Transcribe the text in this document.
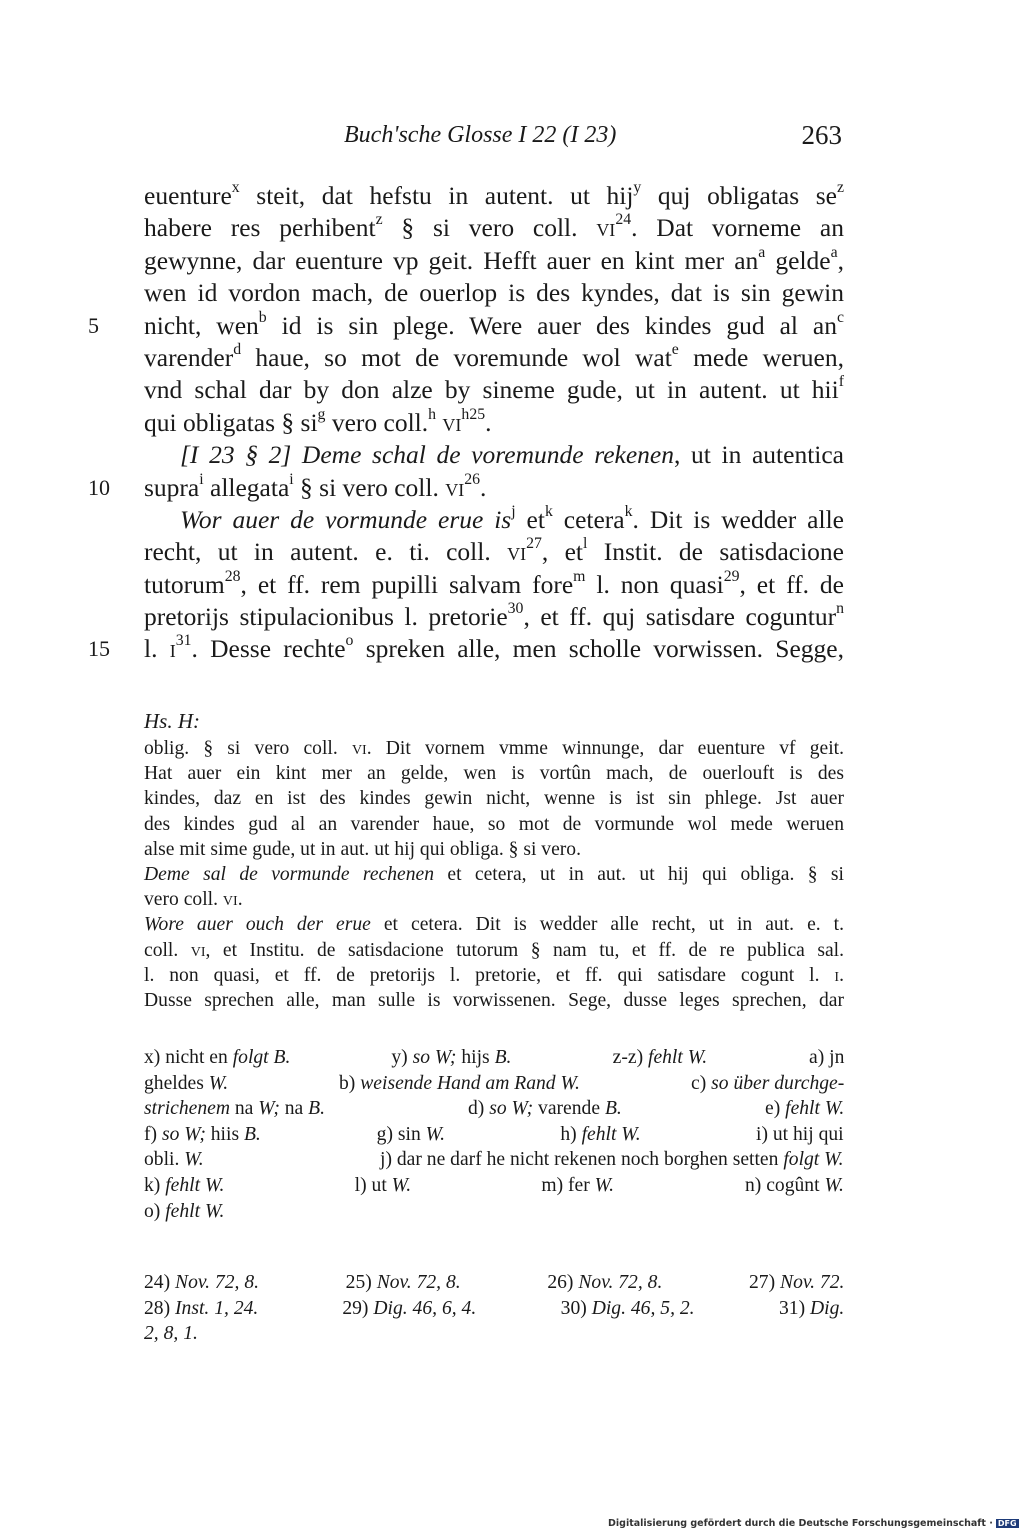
Buch'sche Glosse I 22 (I 23)	263
euenture$^x$ steit, dat hefstu in autent. ut hij$^y$ quj obligatas $se^z$
habere res perhibent$^z$ § si vero coll. $vi^{24}$. Dat vorneme an
gewynne, dar euenture vp geit. Hefft auer en kint mer $an^a$ gelde$^a$,
wen id vordon mach, de ouerlop is des kyndes, dat is sin gewin
5 nicht, wen$^b$ id is sin plege. Were auer des kindes gud al $an^c$
varender$^d$ haue, so mot de voremunde wol wat$^e$ mede weruen,
vnd schal dar by don alze by sineme gude, ut in autent. ut hii$^f$
qui obligatas § $si^g$ vero coll.$^h$ $vi^{h25}$.
[I 23 § 2] Deme schal de voremunde rekenen, ut in autentica
10 supra$^i$ allegata$^i$ § si vero coll. $vi^{26}$.
Wor auer de vormunde erue $is^j$ $et^k$ cetera$^k$. Dit is wedder alle
recht, ut in autent. e. ti. coll. $vi^{27}$, $et^l$ Instit. de satisdacione
tutorum$^{28}$, et ff. rem pupilli salvam fore$^m$ l. non quasi$^{29}$, et ff. de
pretorijs stipulacionibus l. pretorie$^{30}$, et ff. quj satisdare coguntur$^n$
15 l. $i^{31}$. Desse rechte$^o$ spreken alle, men scholle vorwissen. Segge,
Hs. H:
oblig. § si vero coll. vi. Dit vornem vmme winnunge, dar euenture vf geit.
Hat auer ein kint mer an gelde, wen is vortûn mach, de ouerlouft is des
kindes, daz en ist des kindes gewin nicht, wenne is ist sin phlege. Jst auer
des kindes gud al an varender haue, so mot de vormunde wol mede weruen
alse mit sime gude, ut in aut. ut hij qui obliga. § si vero.
Deme sal de vormunde rechenen et cetera, ut in aut. ut hij qui obliga. § si
vero coll. vi.
Wore auer ouch der erue et cetera. Dit is wedder alle recht, ut in aut. e. t.
coll. vi, et Institu. de satisdacione tutorum § nam tu, et ff. de re publica sal.
l. non quasi, et ff. de pretorijs l. pretorie, et ff. qui satisdare cogunt l. i.
Dusse sprechen alle, man sulle is vorwissenen. Sege, dusse leges sprechen, dar
x) nicht en folgt B.	y) so W; hijs B.	z-z) fehlt W.	a) jn
gheldes W.	b) weisende Hand am Rand W.	c) so über durchge-
strichenem na W; na B.	d) so W; varende B.	e) fehlt W.
f) so W; hiis B.	g) sin W.	h) fehlt W.	i) ut hij qui
obli. W.	j) dar ne darf he nicht rekenen noch borghen setten folgt W.
k) fehlt W.	l) ut W.	m) fer W.	n) cogûnt W.
o) fehlt W.
24) Nov. 72, 8.	25) Nov. 72, 8.	26) Nov. 72, 8.	27) Nov. 72.
28) Inst. 1, 24.	29) Dig. 46, 6, 4.	30) Dig. 46, 5, 2.	31) Dig.
2, 8, 1.
Digitalisierung gefördert durch die Deutsche Forschungsgemeinschaft · DFG
